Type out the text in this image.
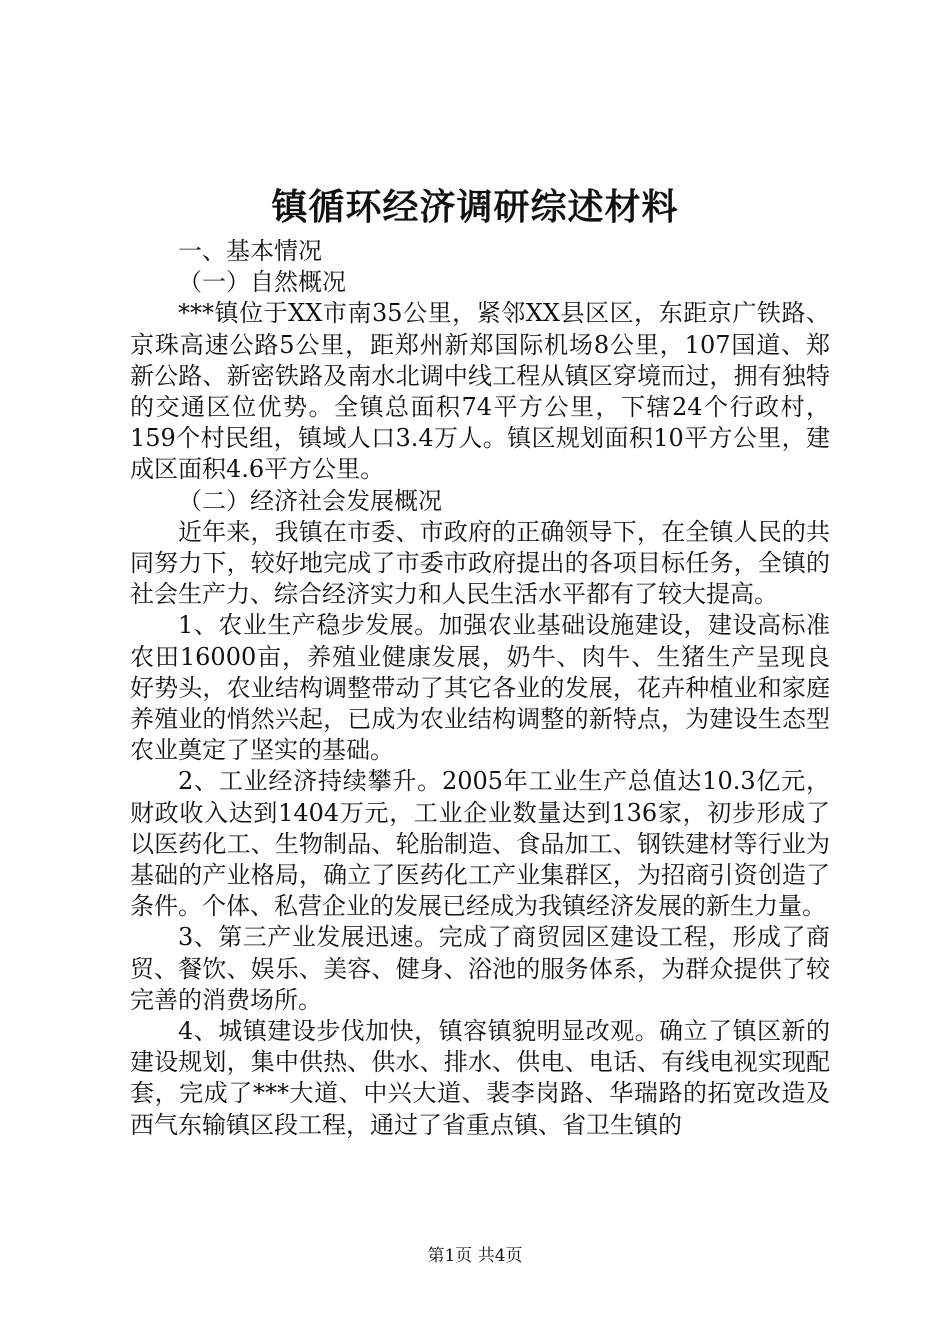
镇循环经济调研综述材料

一、基本情况

（一）自然概况

***镇位于XX市南35公里，紧邻XX县区区，东距京广铁路、京珠高速公路5公里，距郑州新郑国际机场8公里，107国道、郑新公路、新密铁路及南水北调中线工程从镇区穿境而过，拥有独特的交通区位优势。全镇总面积74平方公里，下辖24个行政村，159个村民组，镇域人口3.4万人。镇区规划面积10平方公里，建成区面积4.6平方公里。

（二）经济社会发展概况

近年来，我镇在市委、市政府的正确领导下，在全镇人民的共同努力下，较好地完成了市委市政府提出的各项目标任务，全镇的社会生产力、综合经济实力和人民生活水平都有了较大提高。

1、农业生产稳步发展。加强农业基础设施建设，建设高标准农田16000亩，养殖业健康发展，奶牛、肉牛、生猪生产呈现良好势头，农业结构调整带动了其它各业的发展，花卉种植业和家庭养殖业的悄然兴起，已成为农业结构调整的新特点，为建设生态型农业奠定了坚实的基础。

2、工业经济持续攀升。2005年工业生产总值达10.3亿元，财政收入达到1404万元，工业企业数量达到136家，初步形成了以医药化工、生物制品、轮胎制造、食品加工、钢铁建材等行业为基础的产业格局，确立了医药化工产业集群区，为招商引资创造了条件。个体、私营企业的发展已经成为我镇经济发展的新生力量。

3、第三产业发展迅速。完成了商贸园区建设工程，形成了商贸、餐饮、娱乐、美容、健身、浴池的服务体系，为群众提供了较完善的消费场所。

4、城镇建设步伐加快，镇容镇貌明显改观。确立了镇区新的建设规划，集中供热、供水、排水、供电、电话、有线电视实现配套，完成了***大道、中兴大道、裴李岗路、华瑞路的拓宽改造及西气东输镇区段工程，通过了省重点镇、省卫生镇的

第1页 共4页
